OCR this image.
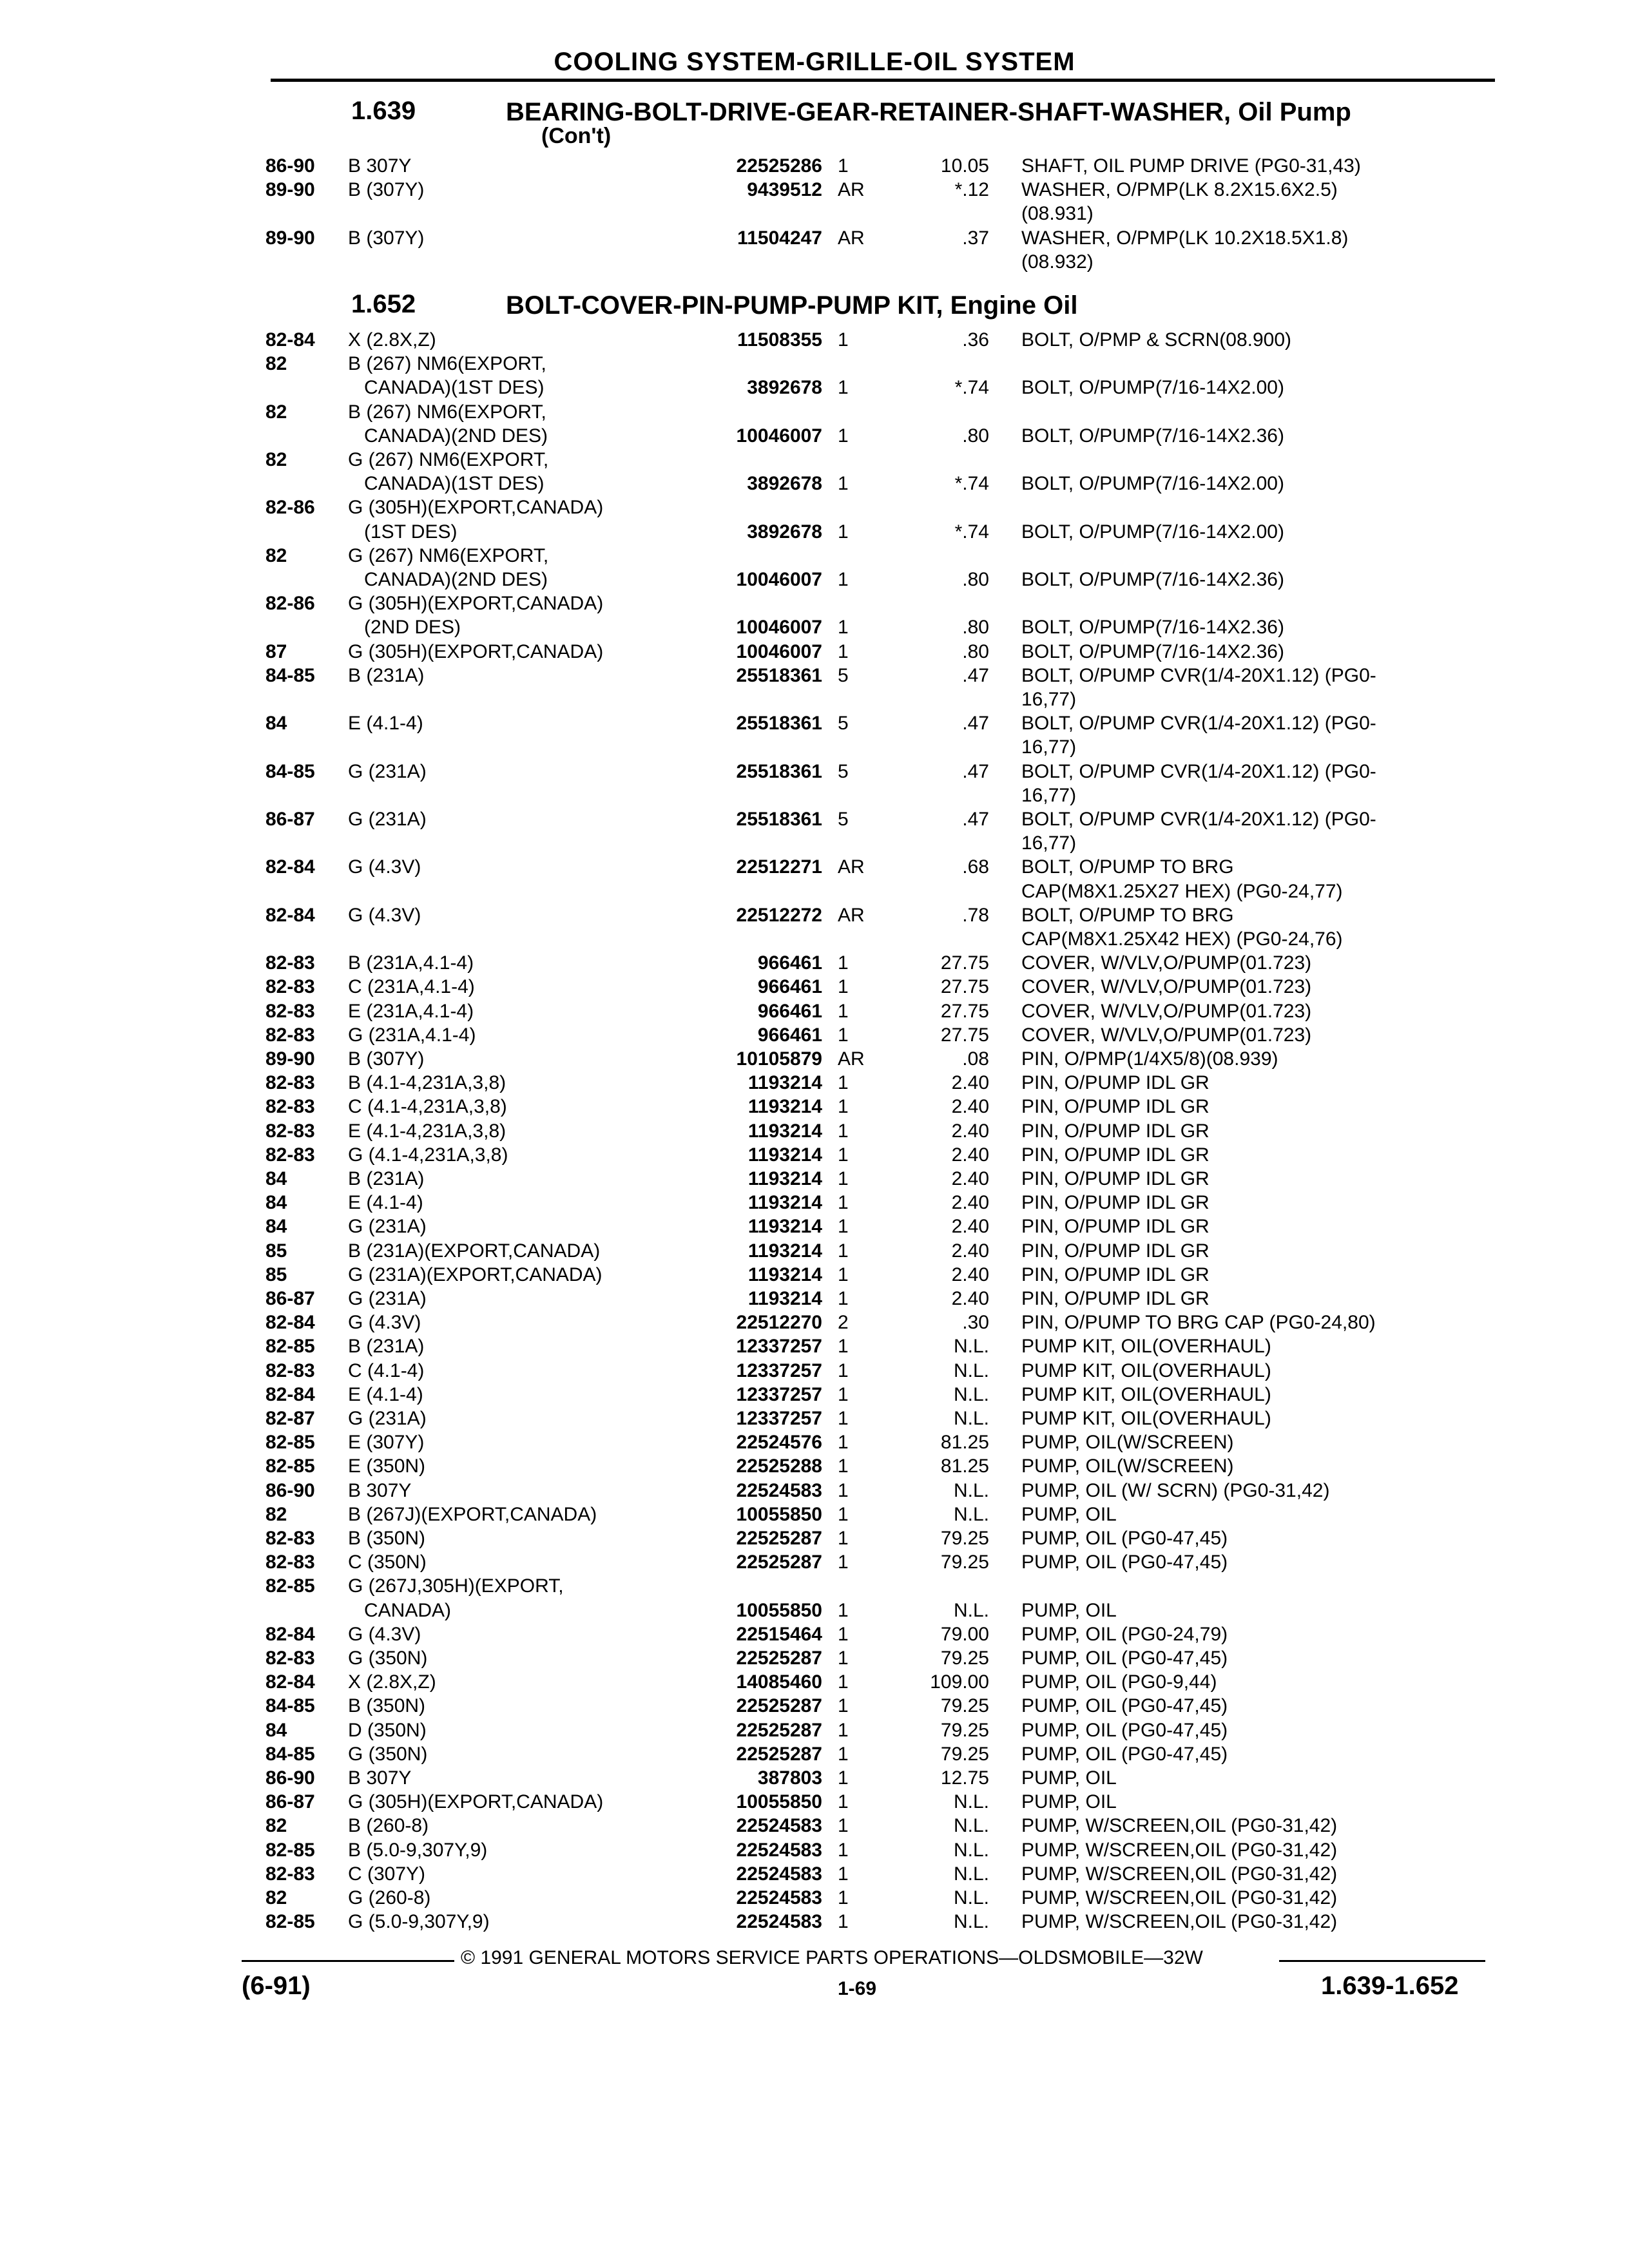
COOLING SYSTEM-GRILLE-OIL SYSTEM
1.639	BEARING-BOLT-DRIVE-GEAR-RETAINER-SHAFT-WASHER, Oil Pump
(Con't)
1.652	BOLT-COVER-PIN-PUMP-PUMP KIT, Engine Oil
86-90 B 307Y	22525286 1	10.05 SHAFT, OIL PUMP DRIVE (PG0-31,43)
89-90 B (307Y)	9439512 AR	*.12 WASHER, O/PMP(LK 8.2X15.6X2.5)
(08.931)
89-90 B (307Y)	11504247 AR	.37 WASHER, O/PMP(LK 10.2X18.5X1.8)
(08.932)
82-84 X (2.8X,Z)	11508355 1	.36 BOLT, O/PMP & SCRN(08.900)
82	B (267) NM6(EXPORT,
CANADA)(1ST DES)	3892678 1	*.74 BOLT, O/PUMP(7/16-14X2.00)
82	B (267) NM6(EXPORT,
CANADA)(2ND DES)	10046007 1	.80 BOLT, O/PUMP(7/16-14X2.36)
82	G (267) NM6(EXPORT,
CANADA)(1ST DES)	3892678 1	*.74 BOLT, O/PUMP(7/16-14X2.00)
82-86 G (305H)(EXPORT,CANADA)
(1ST DES)	3892678 1	*.74 BOLT, O/PUMP(7/16-14X2.00)
82	G (267) NM6(EXPORT,
CANADA)(2ND DES)	10046007 1	.80 BOLT, O/PUMP(7/16-14X2.36)
82-86 G (305H)(EXPORT,CANADA)
(2ND DES)	10046007 1	.80 BOLT, O/PUMP(7/16-14X2.36)
87	G (305H)(EXPORT,CANADA)	10046007 1	.80 BOLT, O/PUMP(7/16-14X2.36)
84-85 B (231A)	25518361 5	.47 BOLT, O/PUMP CVR(1/4-20X1.12) (PG0-
16,77)
84	E (4.1-4)	25518361 5	.47 BOLT, O/PUMP CVR(1/4-20X1.12) (PG0-
16,77)
84-85 G (231A)	25518361 5	.47 BOLT, O/PUMP CVR(1/4-20X1.12) (PG0-
16,77)
86-87 G (231A)	25518361 5	.47 BOLT, O/PUMP CVR(1/4-20X1.12) (PG0-
16,77)
82-84 G (4.3V)	22512271 AR	.68 BOLT, O/PUMP TO BRG
CAP(M8X1.25X27 HEX) (PG0-24,77)
82-84 G (4.3V)	22512272 AR	.78 BOLT, O/PUMP TO BRG
CAP(M8X1.25X42 HEX) (PG0-24,76)
82-83 B (231A,4.1-4)	966461 1	27.75 COVER, W/VLV,O/PUMP(01.723)
82-83 C (231A,4.1-4)	966461 1	27.75 COVER, W/VLV,O/PUMP(01.723)
82-83 E (231A,4.1-4)	966461 1	27.75 COVER, W/VLV,O/PUMP(01.723)
82-83 G (231A,4.1-4)	966461 1	27.75 COVER, W/VLV,O/PUMP(01.723)
89-90 B (307Y)	10105879 AR	.08 PIN, O/PMP(1/4X5/8)(08.939)
82-83 B (4.1-4,231A,3,8)	1193214 1	2.40 PIN, O/PUMP IDL GR
82-83 C (4.1-4,231A,3,8)	1193214 1	2.40 PIN, O/PUMP IDL GR
82-83 E (4.1-4,231A,3,8)	1193214 1	2.40 PIN, O/PUMP IDL GR
82-83 G (4.1-4,231A,3,8)	1193214 1	2.40 PIN, O/PUMP IDL GR
84	B (231A)	1193214 1	2.40 PIN, O/PUMP IDL GR
84	E (4.1-4)	1193214 1	2.40 PIN, O/PUMP IDL GR
84	G (231A)	1193214 1	2.40 PIN, O/PUMP IDL GR
85	B (231A)(EXPORT,CANADA)	1193214 1	2.40 PIN, O/PUMP IDL GR
85	G (231A)(EXPORT,CANADA)	1193214 1	2.40 PIN, O/PUMP IDL GR
86-87 G (231A)	1193214 1	2.40 PIN, O/PUMP IDL GR
82-84 G (4.3V)	22512270 2	.30 PIN, O/PUMP TO BRG CAP (PG0-24,80)
82-85 B (231A)	12337257 1	N.L. PUMP KIT, OIL(OVERHAUL)
82-83 C (4.1-4)	12337257 1	N.L. PUMP KIT, OIL(OVERHAUL)
82-84 E (4.1-4)	12337257 1	N.L. PUMP KIT, OIL(OVERHAUL)
82-87 G (231A)	12337257 1	N.L. PUMP KIT, OIL(OVERHAUL)
82-85 E (307Y)	22524576 1	81.25 PUMP, OIL(W/SCREEN)
82-85 E (350N)	22525288 1	81.25 PUMP, OIL(W/SCREEN)
86-90 B 307Y	22524583 1	N.L. PUMP, OIL (W/ SCRN) (PG0-31,42)
82	B (267J)(EXPORT,CANADA)	10055850 1	N.L. PUMP, OIL
82-83 B (350N)	22525287 1	79.25 PUMP, OIL (PG0-47,45)
82-83 C (350N)	22525287 1	79.25 PUMP, OIL (PG0-47,45)
82-85 G (267J,305H)(EXPORT,
CANADA)	10055850 1	N.L. PUMP, OIL
82-84 G (4.3V)	22515464 1	79.00 PUMP, OIL (PG0-24,79)
82-83 G (350N)	22525287 1	79.25 PUMP, OIL (PG0-47,45)
82-84 X (2.8X,Z)	14085460 1	109.00 PUMP, OIL (PG0-9,44)
84-85 B (350N)	22525287 1	79.25 PUMP, OIL (PG0-47,45)
84	D (350N)	22525287 1	79.25 PUMP, OIL (PG0-47,45)
84-85 G (350N)	22525287 1	79.25 PUMP, OIL (PG0-47,45)
86-90 B 307Y	387803 1	12.75 PUMP, OIL
86-87 G (305H)(EXPORT,CANADA)	10055850 1	N.L. PUMP, OIL
82	B (260-8)	22524583 1	N.L. PUMP, W/SCREEN,OIL (PG0-31,42)
82-85 B (5.0-9,307Y,9)	22524583 1	N.L. PUMP, W/SCREEN,OIL (PG0-31,42)
82-83 C (307Y)	22524583 1	N.L. PUMP, W/SCREEN,OIL (PG0-31,42)
82	G (260-8)	22524583 1	N.L. PUMP, W/SCREEN,OIL (PG0-31,42)
82-85 G (5.0-9,307Y,9)	22524583 1	N.L. PUMP, W/SCREEN,OIL (PG0-31,42)
© 1991 GENERAL MOTORS SERVICE PARTS OPERATIONS—OLDSMOBILE—32W
(6-91)	1-69	1.639-1.652
